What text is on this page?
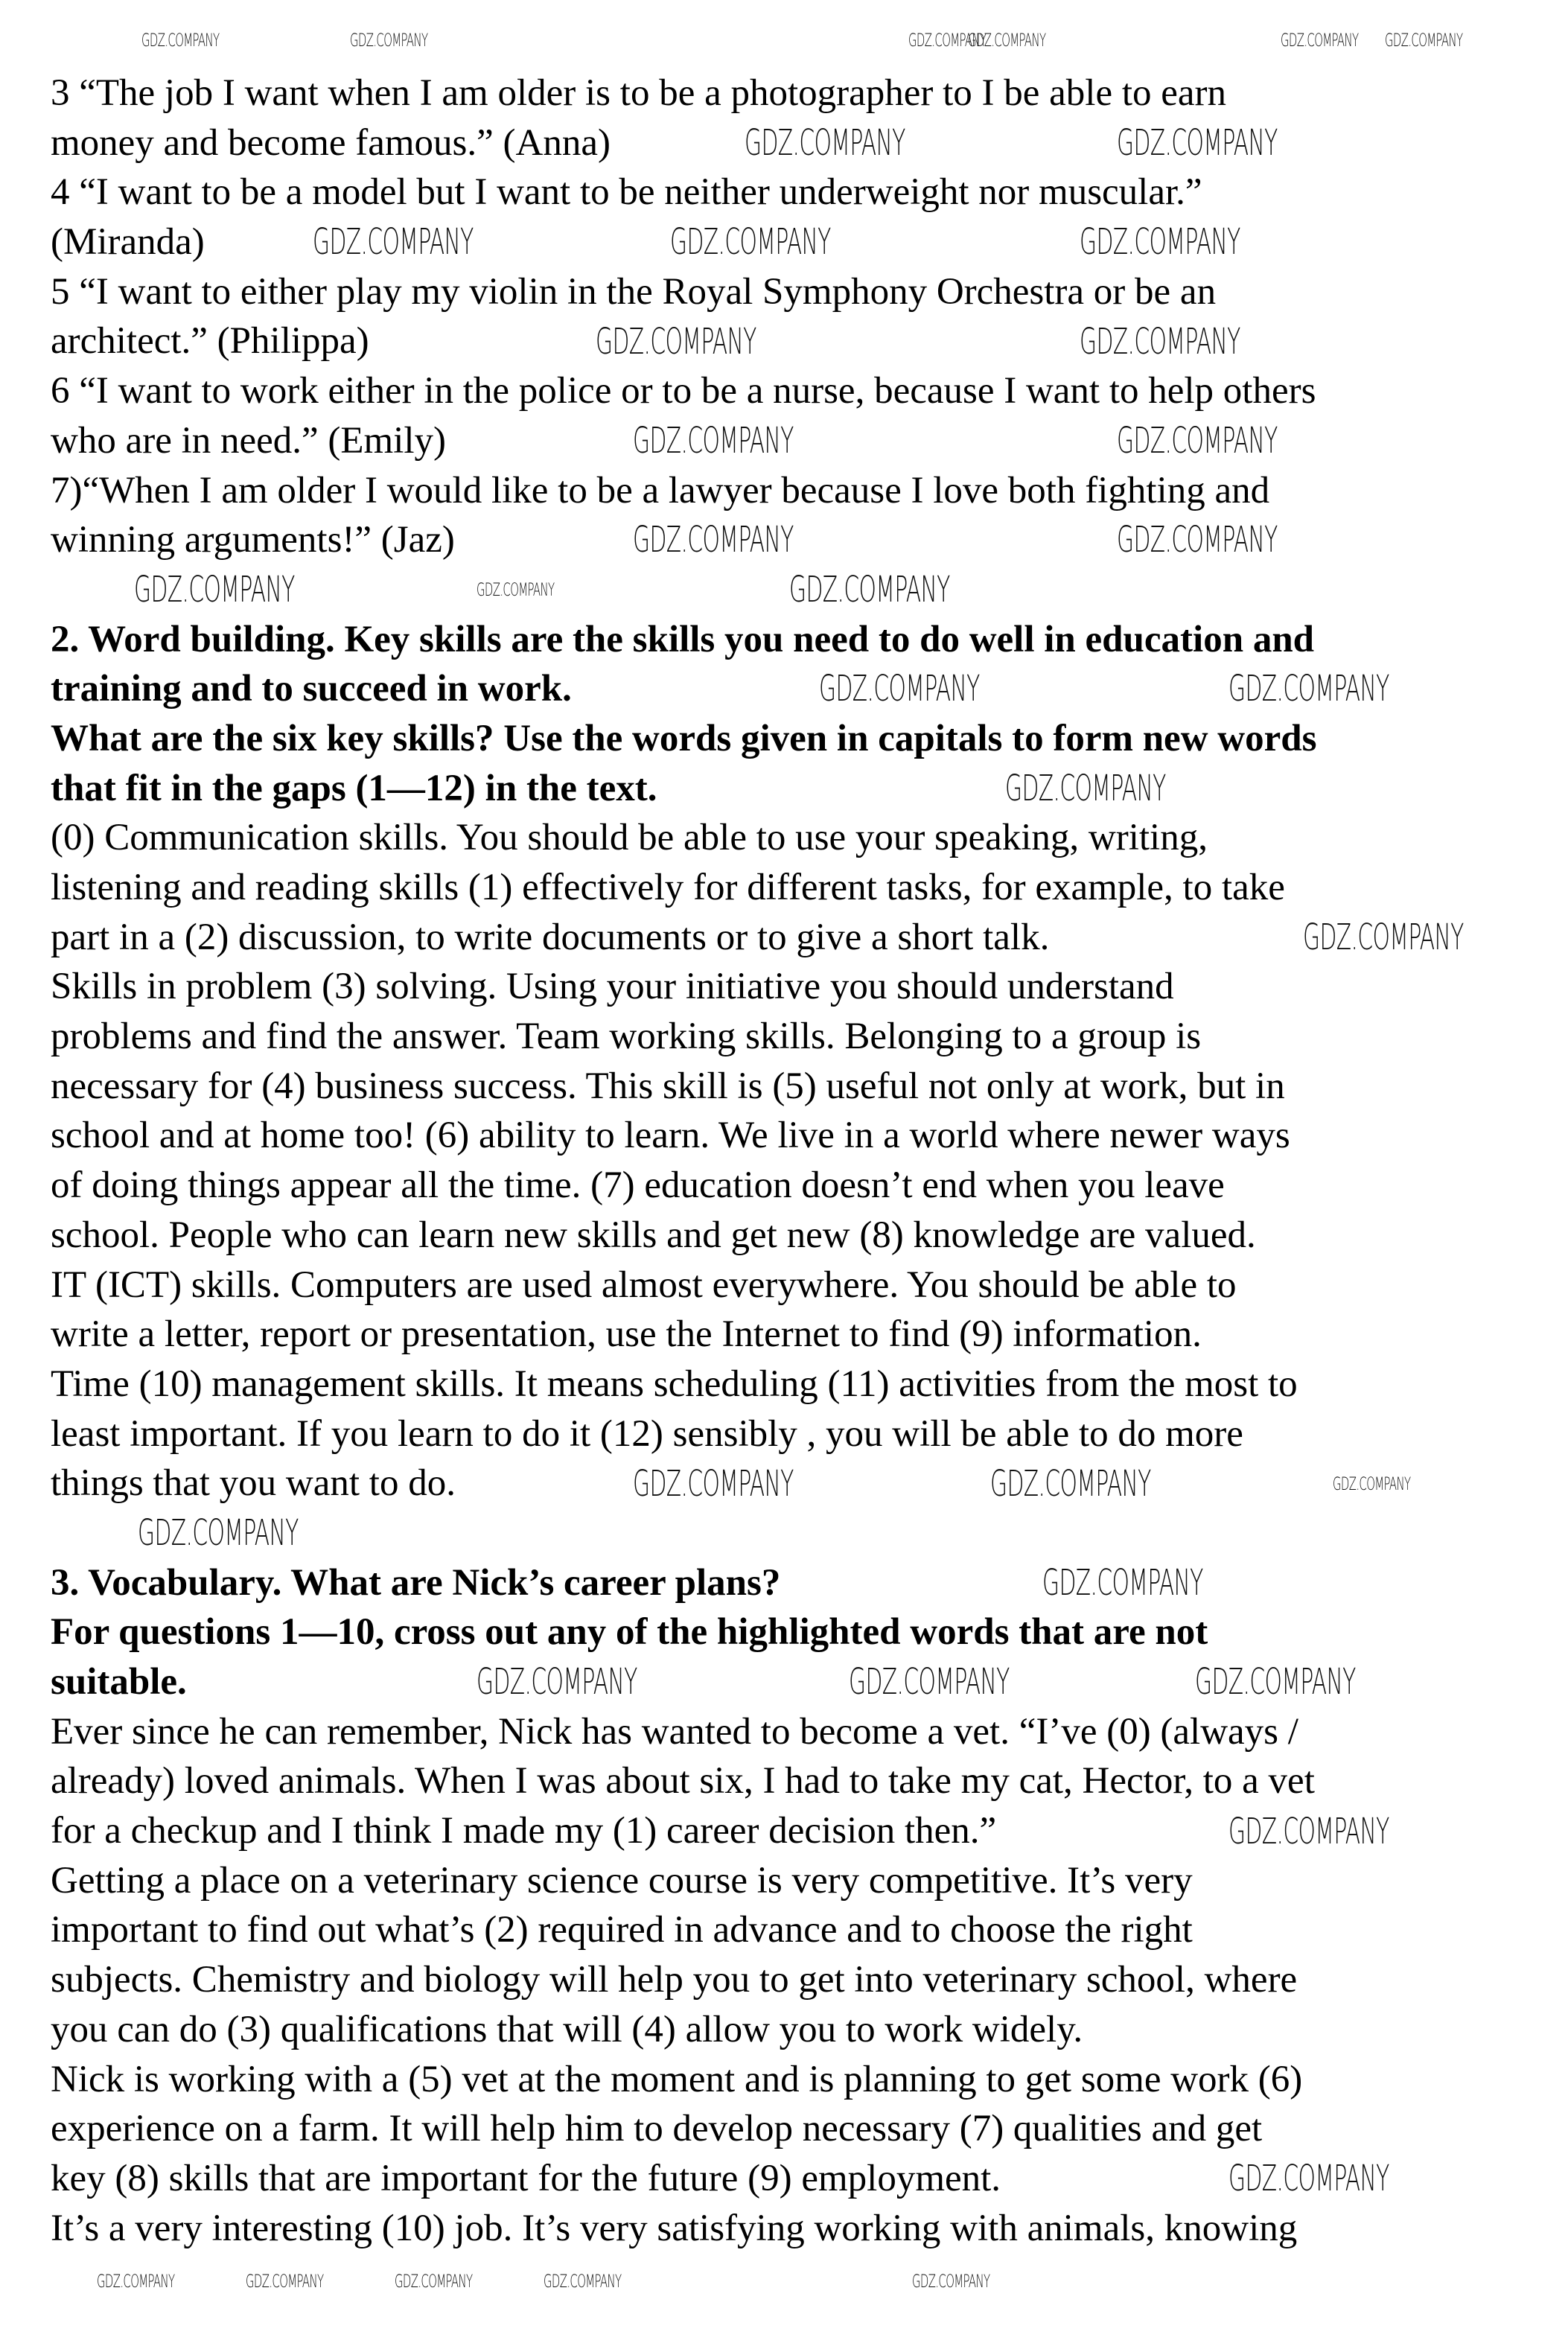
3 “The job I want when I am older is to be a photographer to I be able to earn
money and become famous.” (Anna)
4 “I want to be a model but I want to be neither underweight nor muscular.”
(Miranda)
5 “I want to either play my violin in the Royal Symphony Orchestra or be an
architect.” (Philippa)
6 “I want to work either in the police or to be a nurse, because I want to help others
who are in need.” (Emily)
7)“When I am older I would like to be a lawyer because I love both fighting and
winning arguments!” (Jaz)
2. Word building. Key skills are the skills you need to do well in education and
training and to succeed in work.
What are the six key skills? Use the words given in capitals to form new words
that fit in the gaps (1—12) in the text.
(0) Communication skills. You should be able to use your speaking, writing,
listening and reading skills (1) effectively for different tasks, for example, to take
part in a (2) discussion, to write documents or to give a short talk.
Skills in problem (3) solving. Using your initiative you should understand
problems and find the answer. Team working skills. Belonging to a group is
necessary for (4) business success. This skill is (5) useful not only at work, but in
school and at home too! (6) ability to learn. We live in a world where newer ways
of doing things appear all the time. (7) education doesn’t end when you leave
school. People who can learn new skills and get new (8) knowledge are valued.
IT (ICT) skills. Computers are used almost everywhere. You should be able to
write a letter, report or presentation, use the Internet to find (9) information.
Time (10) management skills. It means scheduling (11) activities from the most to
least important. If you learn to do it (12) sensibly , you will be able to do more
things that you want to do.
3. Vocabulary. What are Nick’s career plans?
For questions 1—10, cross out any of the highlighted words that are not
suitable.
Ever since he can remember, Nick has wanted to become a vet. “I’ve (0) (always /
already) loved animals. When I was about six, I had to take my cat, Hector, to a vet
for a checkup and I think I made my (1) career decision then.”
Getting a place on a veterinary science course is very competitive. It’s very
important to find out what’s (2) required in advance and to choose the right
subjects. Chemistry and biology will help you to get into veterinary school, where
you can do (3) qualifications that will (4) allow you to work widely.
Nick is working with a (5) vet at the moment and is planning to get some work (6)
experience on a farm. It will help him to develop necessary (7) qualities and get
key (8) skills that are important for the future (9) employment.
It’s a very interesting (10) job. It’s very satisfying working with animals, knowing
GDZ.COMPANY	GDZ.COMPANY
GDZ.COMPANY	GDZ.COMPANY	GDZ.COMPANY
GDZ.COMPANY	GDZ.COMPANY
GDZ.COMPANY	GDZ.COMPANY
GDZ.COMPANY	GDZ.COMPANY
GDZ.COMPANY	GDZ.COMPANY	GDZ.COMPANY
GDZ.COMPANY	GDZ.COMPANY
GDZ.COMPANY
GDZ.COMPANY
GDZ.COMPANY	GDZ.COMPANY	GDZ.COMPANY
GDZ.COMPANY
GDZ.COMPANY
GDZ.COMPANY	GDZ.COMPANY	GDZ.COMPANY
GDZ.COMPANY
GDZ.COMPANY
GDZ.COMPANY	GDZ.COMPANY	GDZ.COMPANY
GDZ.COMPANY	GDZ.COMPANY GDZ.COMPANY
GDZ.COMPANY	GDZ.COMPANY	GDZ.COMPANY	GDZ.COMPANY	GDZ.COMPANY
